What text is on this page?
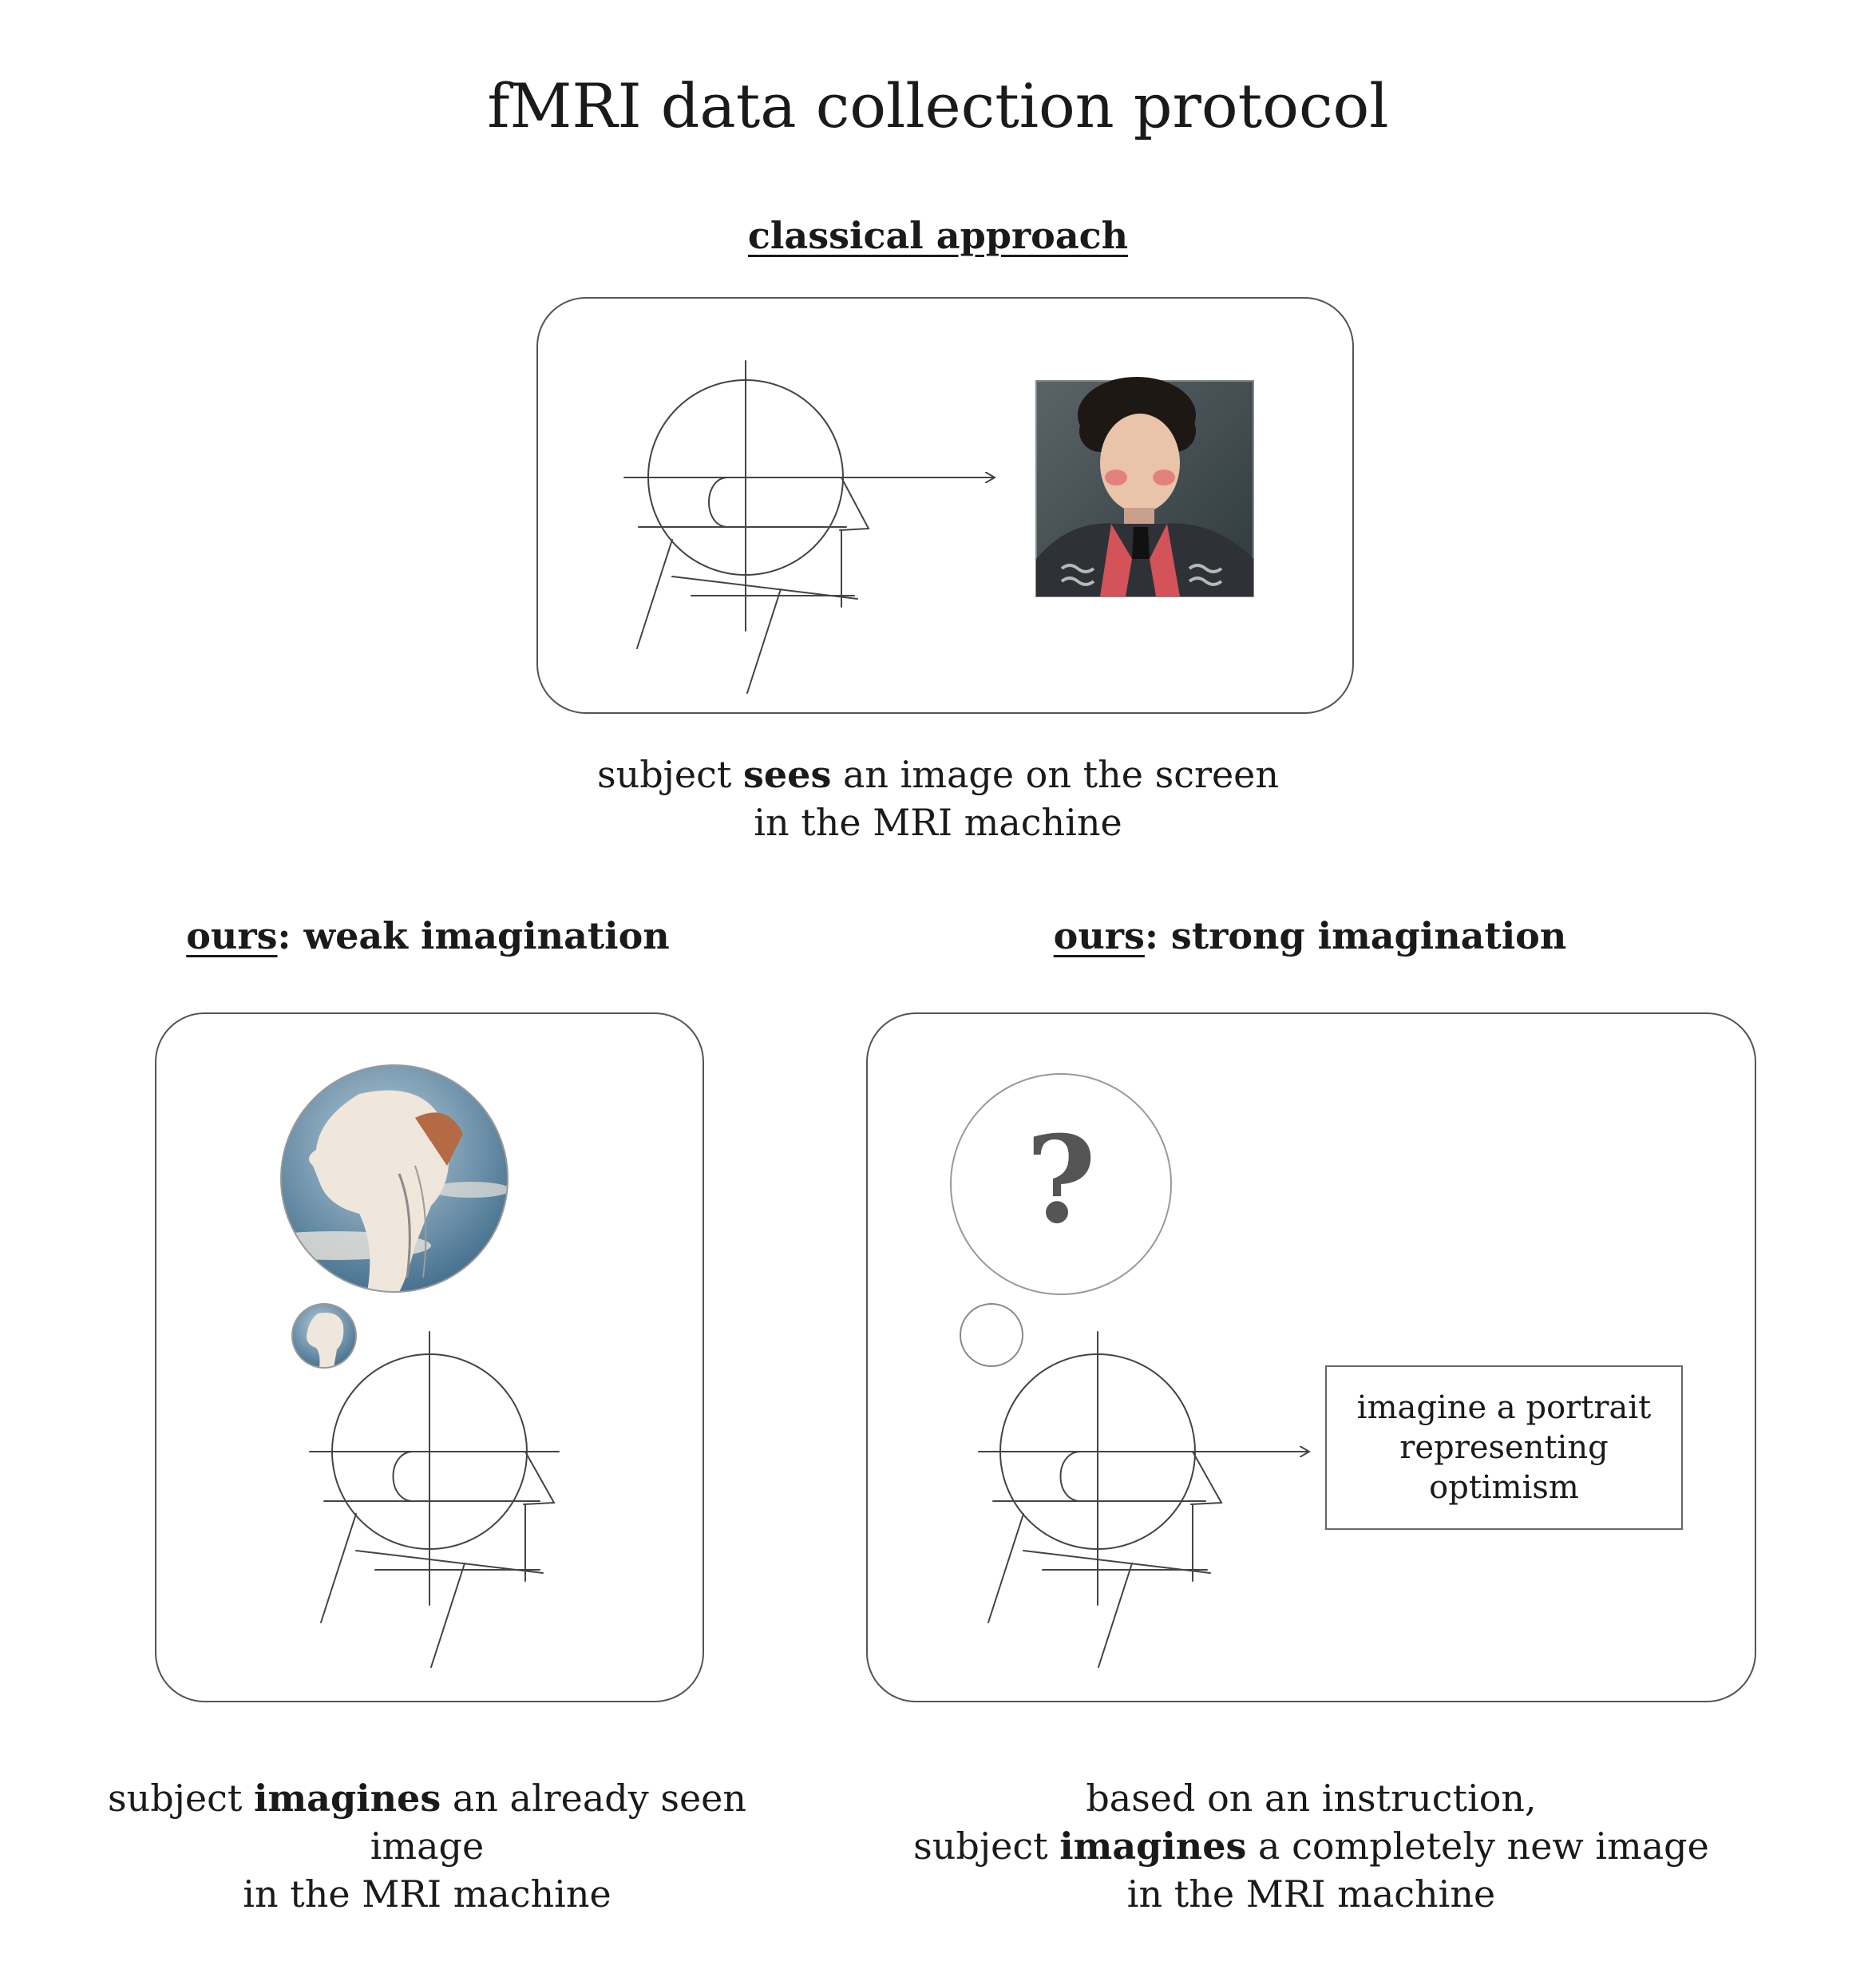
fMRI data collection protocol
classical approach
ours: weak imagination	ours: strong imagination
imagine a portrait
representing optimism
?
subject sees an image on the screen
in the MRI machine
subject imagines an already seen image
in the MRI machine
based on an instruction,
subject imagines a completely new image
in the MRI machine
